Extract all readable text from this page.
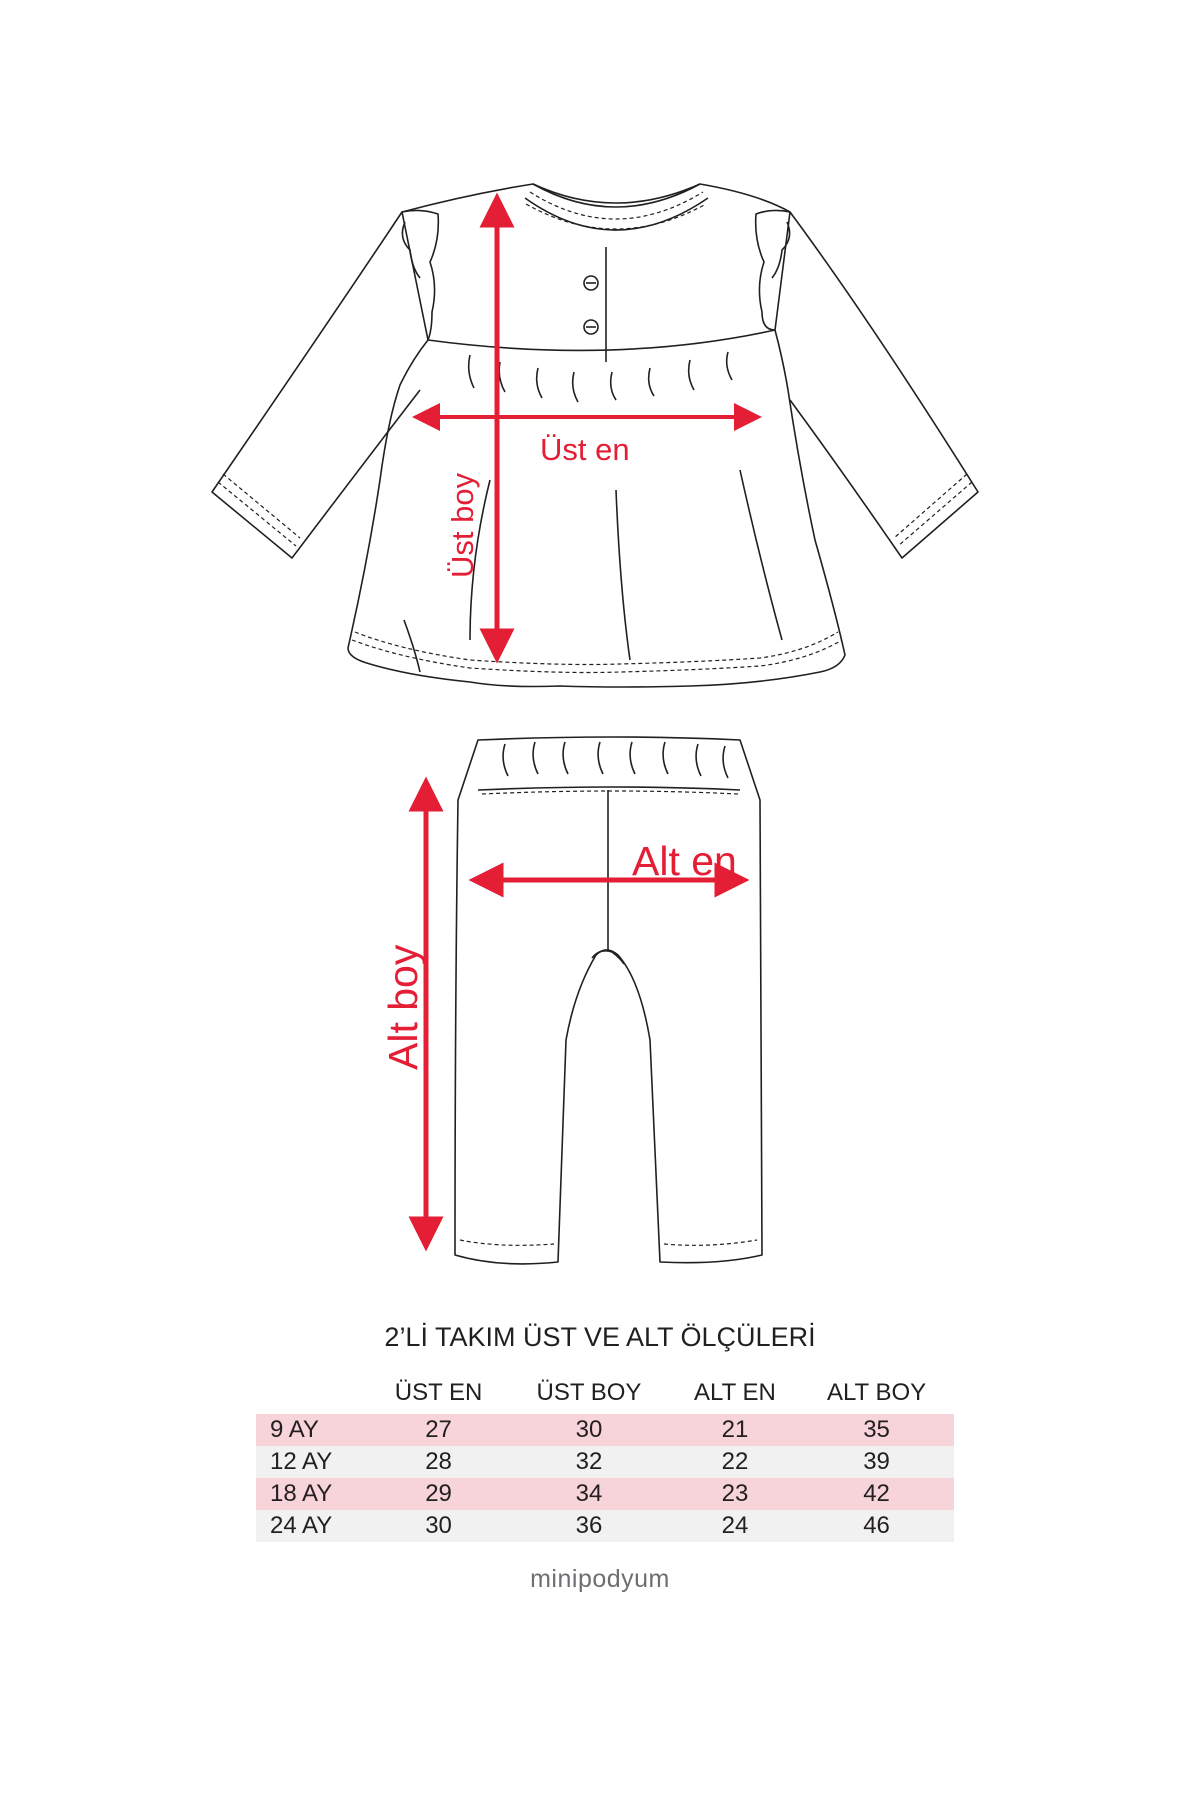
Üst en
Üst boy
Alt en
Alt boy
2’Lİ TAKIM ÜST VE ALT ÖLÇÜLERİ
	ÜST EN	ÜST BOY	ALT EN	ALT BOY
9 AY	27	30	21	35
12 AY	28	32	22	39
18 AY	29	34	23	42
24 AY	30	36	24	46
minipodyum
